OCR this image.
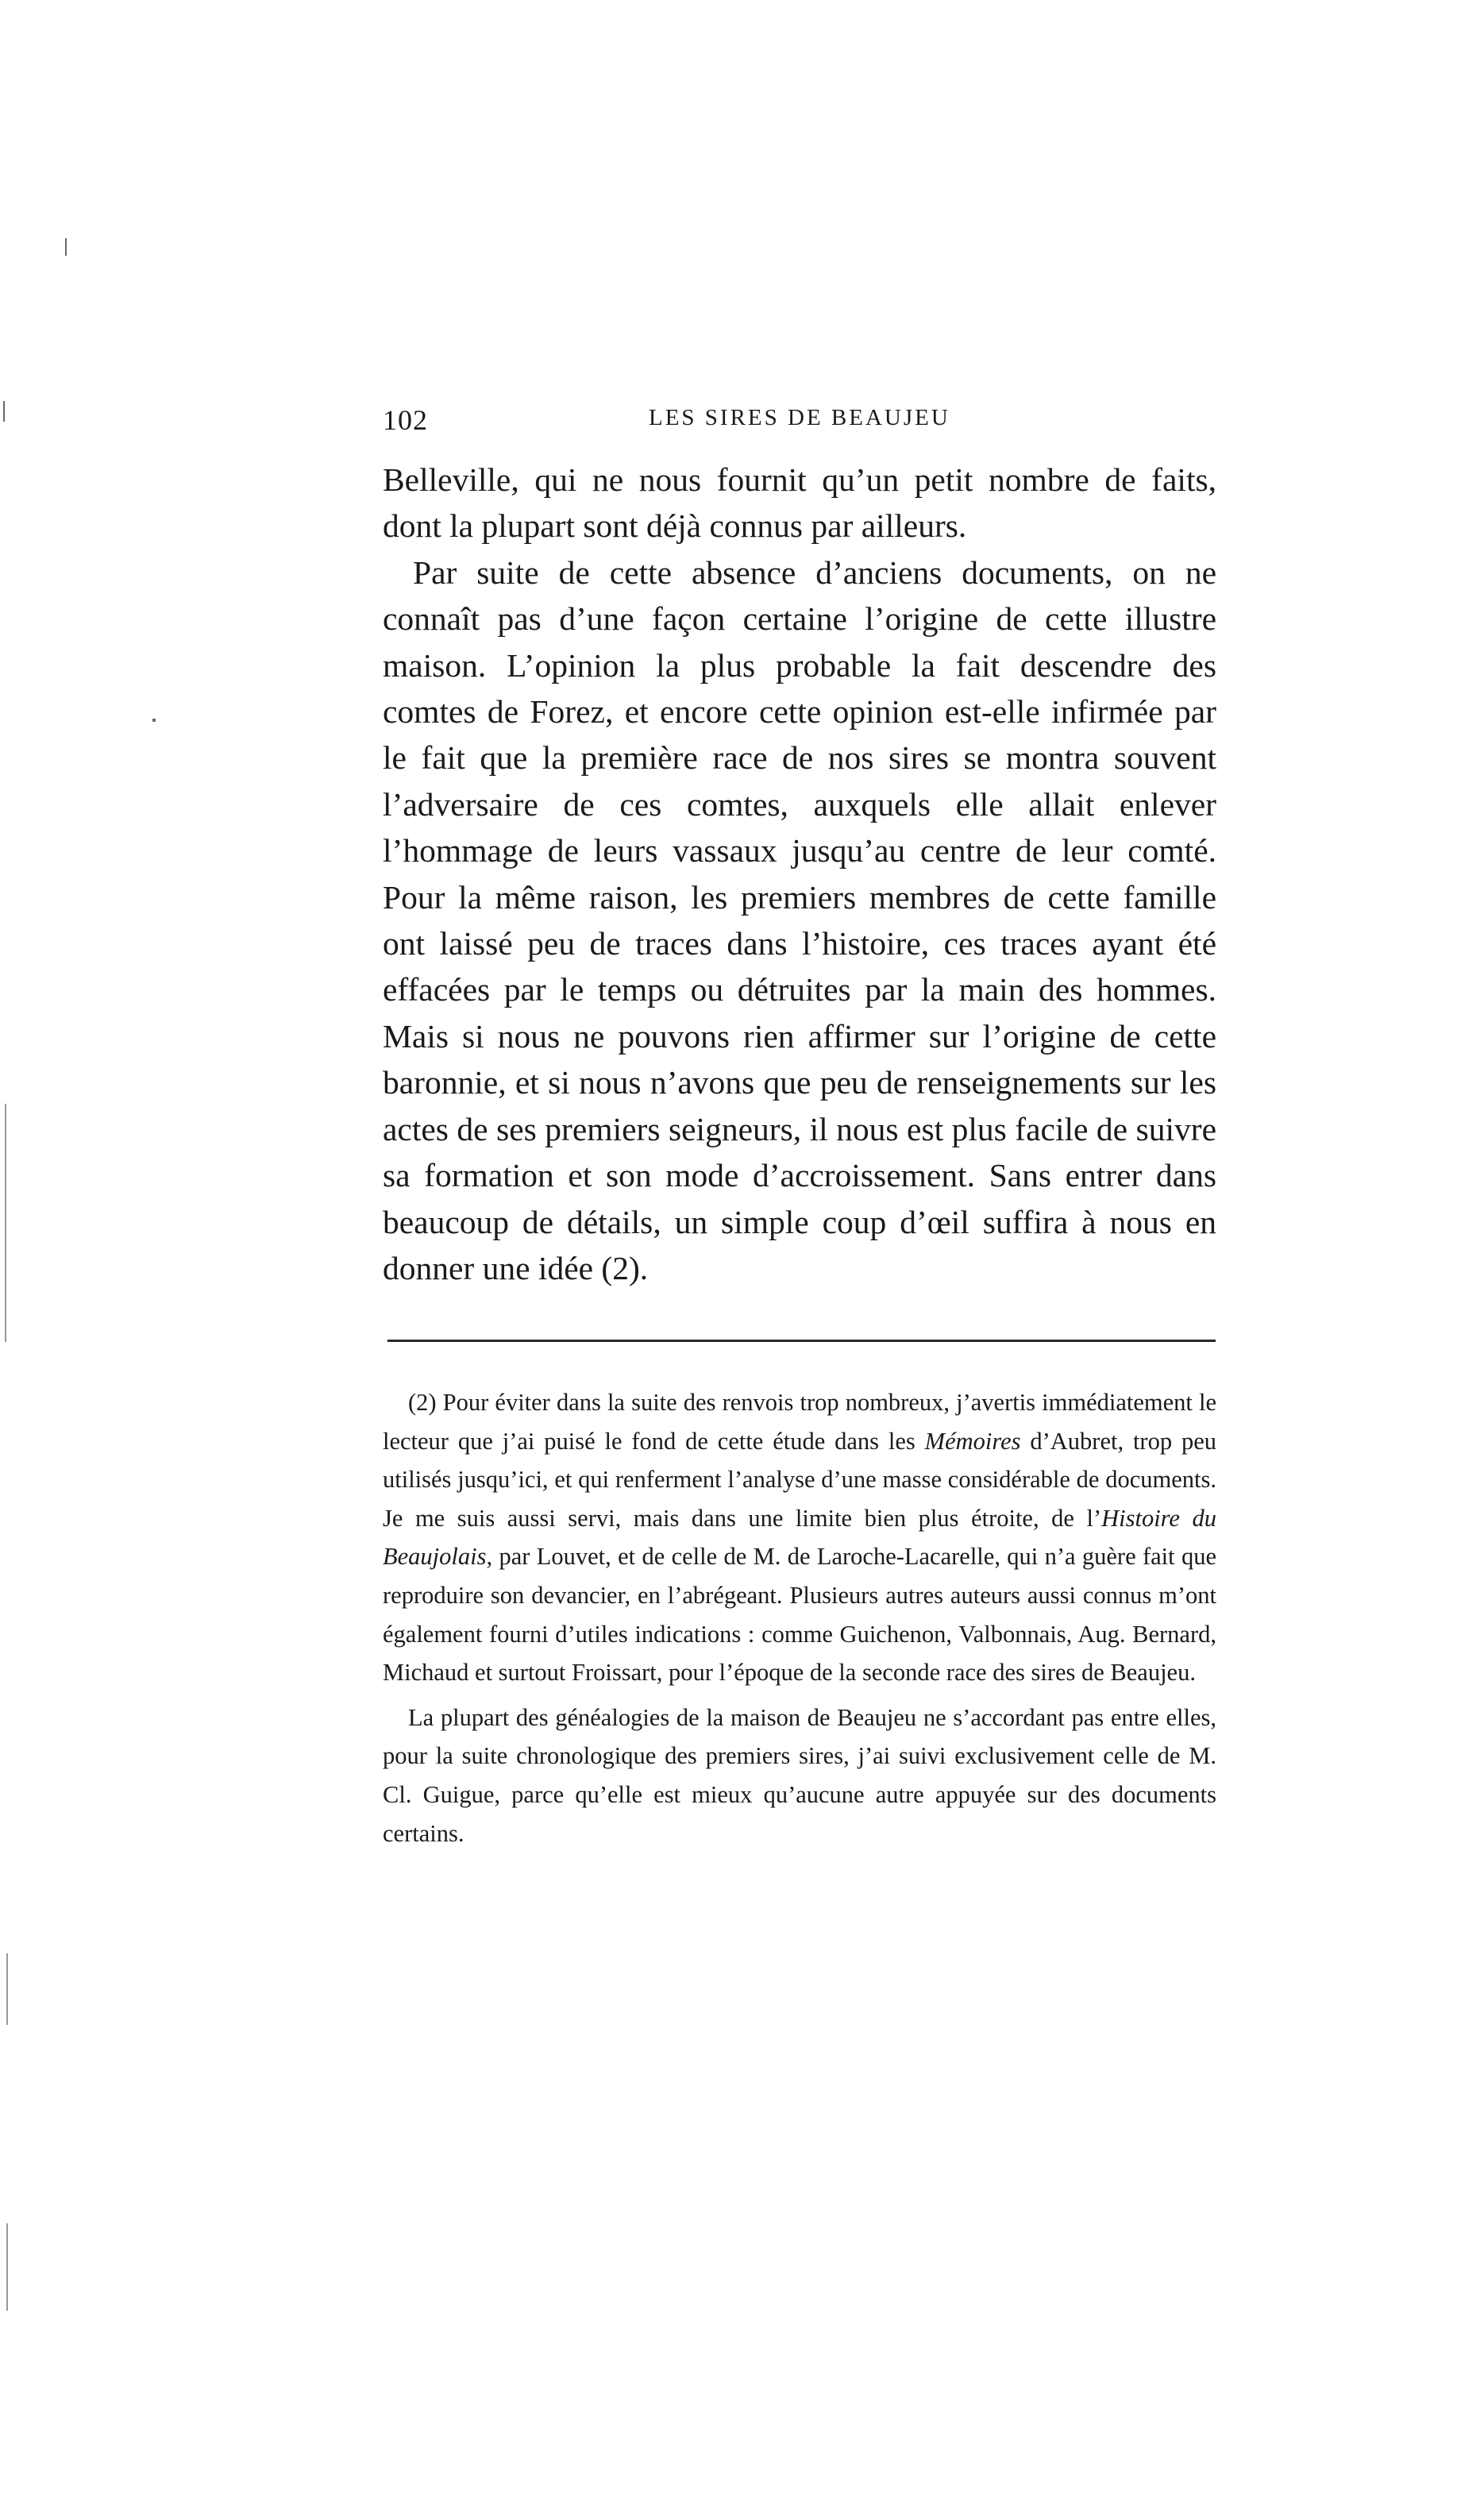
102	LES SIRES DE BEAUJEU

Belleville, qui ne nous fournit qu’un petit nombre de faits, dont la plupart sont déjà connus par ailleurs.

Par suite de cette absence d’anciens documents, on ne connaît pas d’une façon certaine l’origine de cette illustre maison. L’opinion la plus probable la fait descendre des comtes de Forez, et encore cette opinion est-elle infirmée par le fait que la première race de nos sires se montra souvent l’adversaire de ces comtes, auxquels elle allait enlever l’hommage de leurs vassaux jusqu’au centre de leur comté. Pour la même raison, les premiers membres de cette famille ont laissé peu de traces dans l’histoire, ces traces ayant été effacées par le temps ou détruites par la main des hommes. Mais si nous ne pouvons rien affirmer sur l’origine de cette baronnie, et si nous n’avons que peu de renseignements sur les actes de ses premiers seigneurs, il nous est plus facile de suivre sa formation et son mode d’accroissement. Sans entrer dans beaucoup de détails, un simple coup d’œil suffira à nous en donner une idée (2).

(2) Pour éviter dans la suite des renvois trop nombreux, j’avertis immédiatement le lecteur que j’ai puisé le fond de cette étude dans les Mémoires d’Aubret, trop peu utilisés jusqu’ici, et qui renferment l’analyse d’une masse considérable de documents. Je me suis aussi servi, mais dans une limite bien plus étroite, de l’Histoire du Beaujolais, par Louvet, et de celle de M. de Laroche-Lacarelle, qui n’a guère fait que reproduire son devancier, en l’abrégeant. Plusieurs autres auteurs aussi connus m’ont également fourni d’utiles indications : comme Guichenon, Valbonnais, Aug. Bernard, Michaud et surtout Froissart, pour l’époque de la seconde race des sires de Beaujeu.

La plupart des généalogies de la maison de Beaujeu ne s’accordant pas entre elles, pour la suite chronologique des premiers sires, j’ai suivi exclusivement celle de M. Cl. Guigue, parce qu’elle est mieux qu’aucune autre appuyée sur des documents certains.
